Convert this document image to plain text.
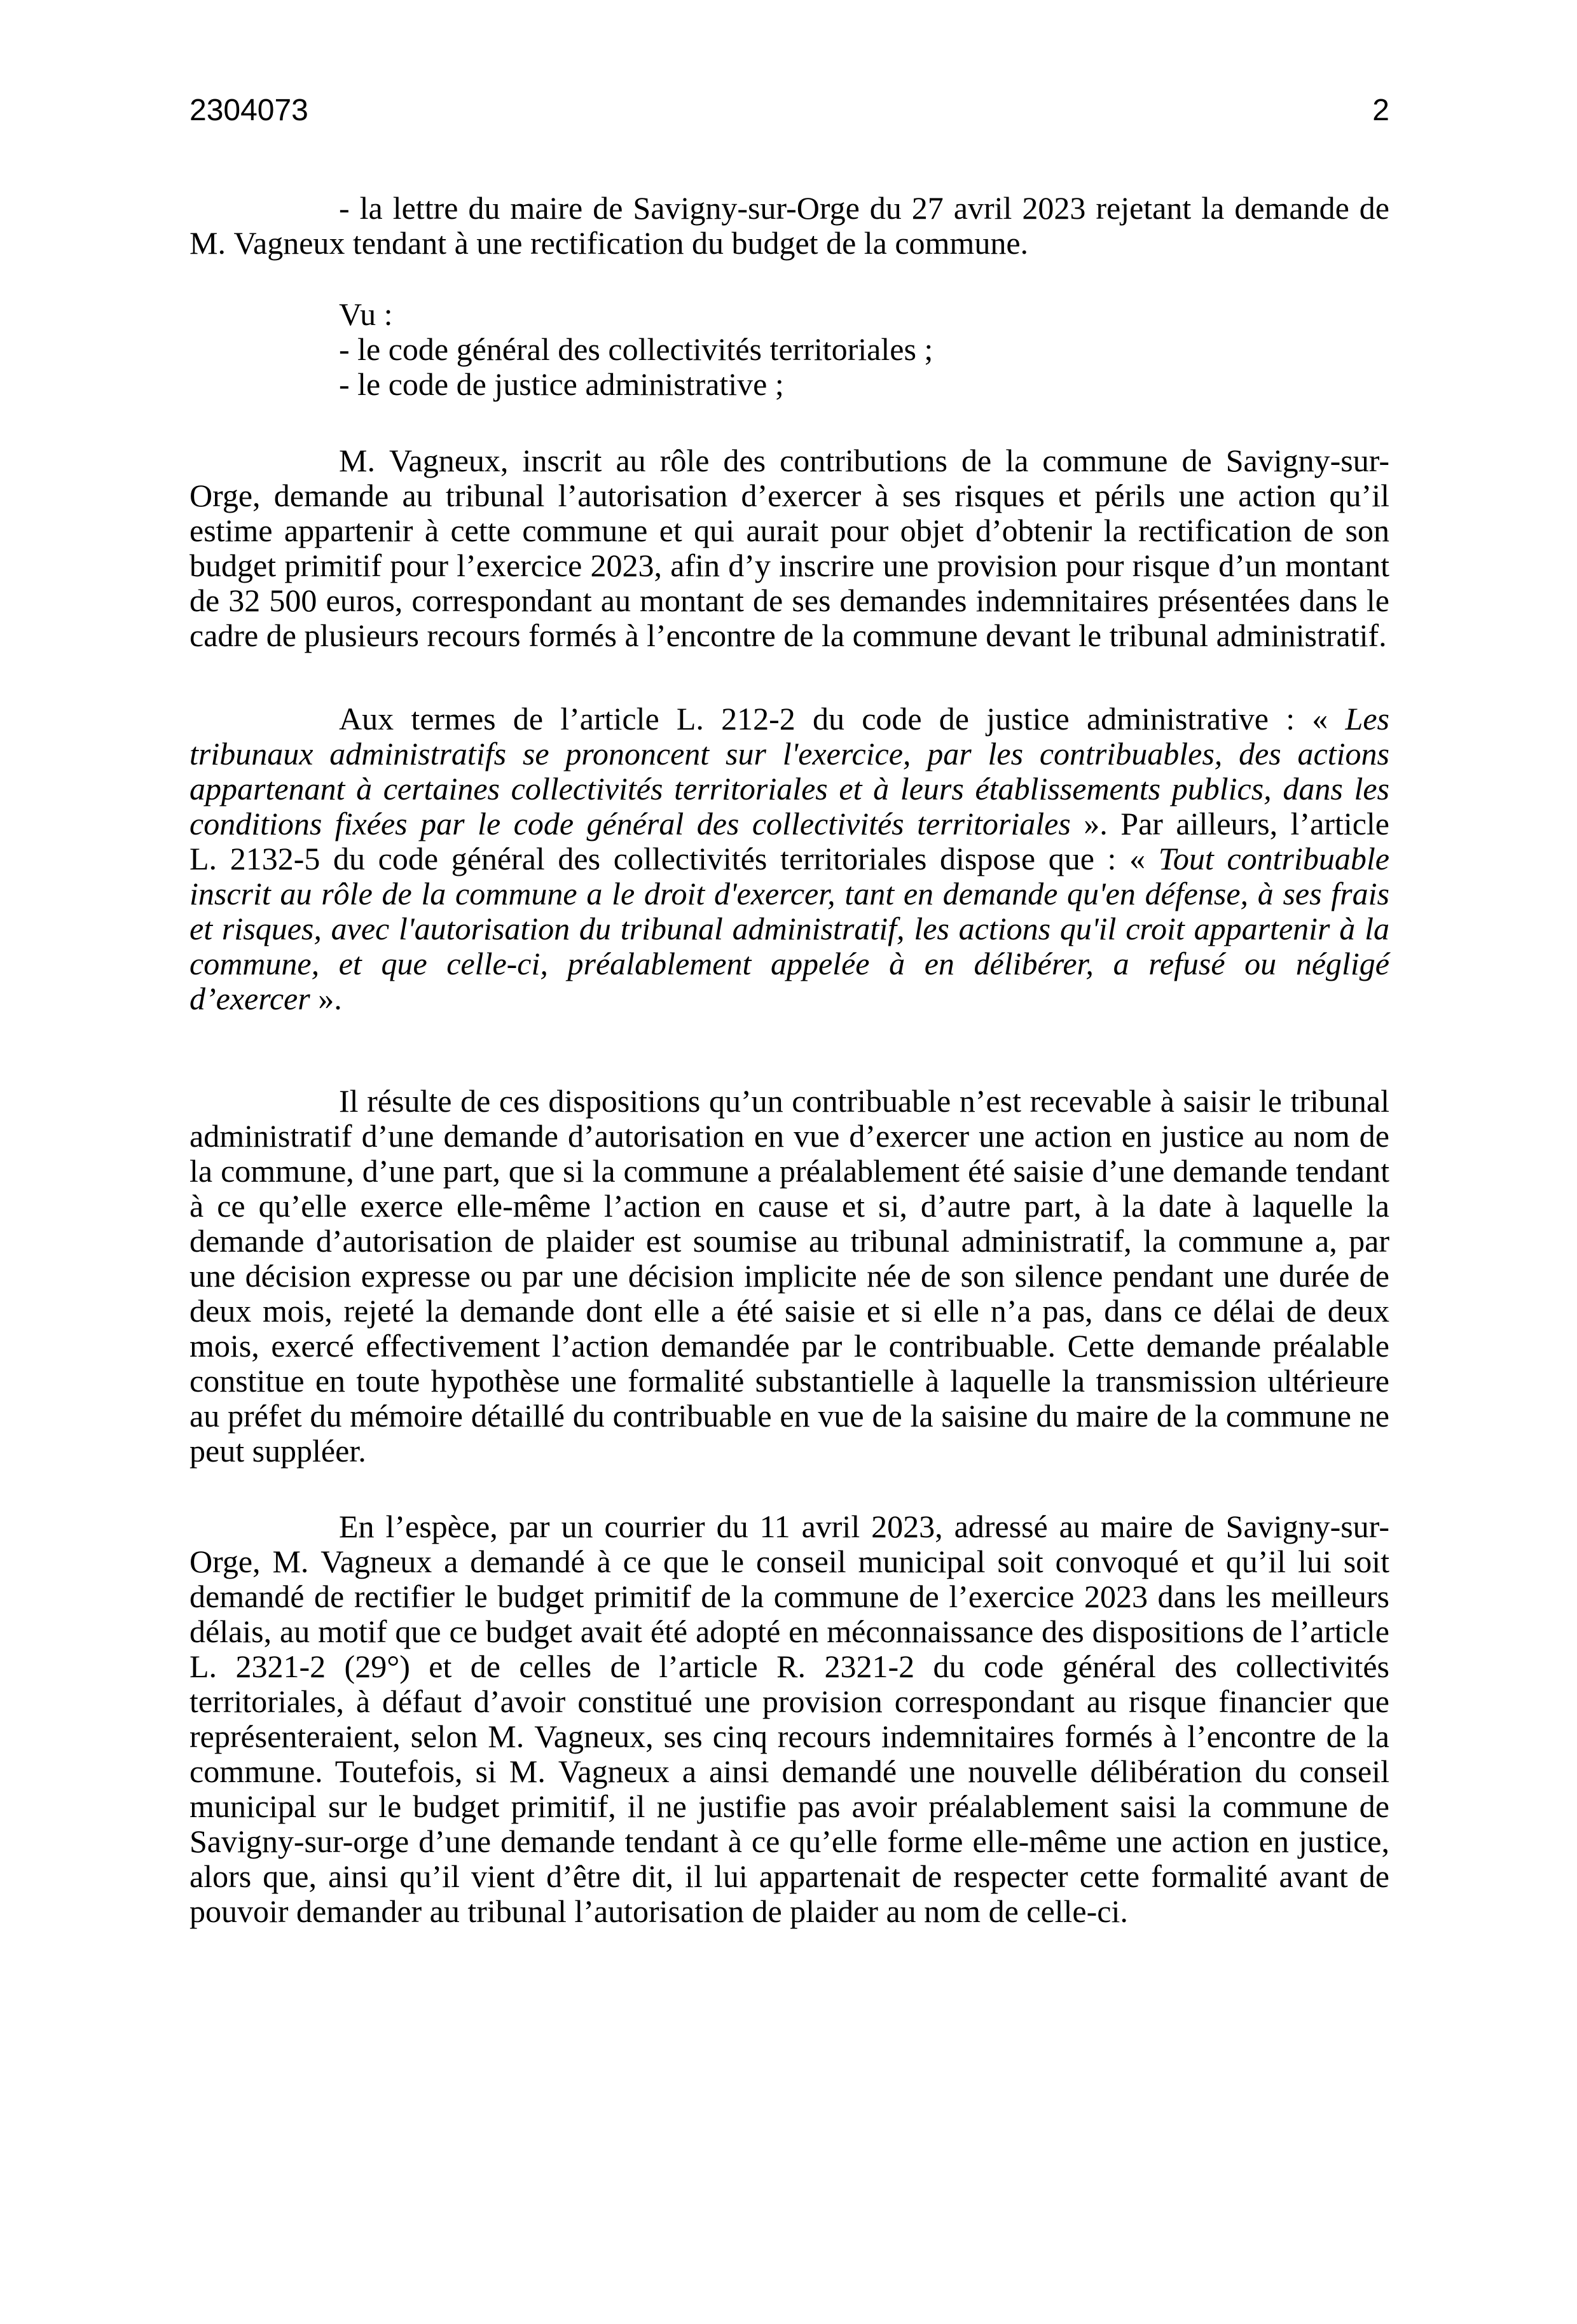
2304073	2

- la lettre du maire de Savigny-sur-Orge du 27 avril 2023 rejetant la demande de M. Vagneux tendant à une rectification du budget de la commune.

Vu :
- le code général des collectivités territoriales ;
- le code de justice administrative ;

M. Vagneux, inscrit au rôle des contributions de la commune de Savigny-sur-Orge, demande au tribunal l’autorisation d’exercer à ses risques et périls une action qu’il estime appartenir à cette commune et qui aurait pour objet d’obtenir la rectification de son budget primitif pour l’exercice 2023, afin d’y inscrire une provision pour risque d’un montant de 32 500 euros, correspondant au montant de ses demandes indemnitaires présentées dans le cadre de plusieurs recours formés à l’encontre de la commune devant le tribunal administratif.

Aux termes de l’article L. 212-2 du code de justice administrative : « Les tribunaux administratifs se prononcent sur l'exercice, par les contribuables, des actions appartenant à certaines collectivités territoriales et à leurs établissements publics, dans les conditions fixées par le code général des collectivités territoriales ». Par ailleurs, l’article L. 2132-5 du code général des collectivités territoriales dispose que : « Tout contribuable inscrit au rôle de la commune a le droit d'exercer, tant en demande qu'en défense, à ses frais et risques, avec l'autorisation du tribunal administratif, les actions qu'il croit appartenir à la commune, et que celle-ci, préalablement appelée à en délibérer, a refusé ou négligé d’exercer ».

Il résulte de ces dispositions qu’un contribuable n’est recevable à saisir le tribunal administratif d’une demande d’autorisation en vue d’exercer une action en justice au nom de la commune, d’une part, que si la commune a préalablement été saisie d’une demande tendant à ce qu’elle exerce elle-même l’action en cause et si, d’autre part, à la date à laquelle la demande d’autorisation de plaider est soumise au tribunal administratif, la commune a, par une décision expresse ou par une décision implicite née de son silence pendant une durée de deux mois, rejeté la demande dont elle a été saisie et si elle n’a pas, dans ce délai de deux mois, exercé effectivement l’action demandée par le contribuable. Cette demande préalable constitue en toute hypothèse une formalité substantielle à laquelle la transmission ultérieure au préfet du mémoire détaillé du contribuable en vue de la saisine du maire de la commune ne peut suppléer.

En l’espèce, par un courrier du 11 avril 2023, adressé au maire de Savigny-sur-Orge, M. Vagneux a demandé à ce que le conseil municipal soit convoqué et qu’il lui soit demandé de rectifier le budget primitif de la commune de l’exercice 2023 dans les meilleurs délais, au motif que ce budget avait été adopté en méconnaissance des dispositions de l’article L. 2321-2 (29°) et de celles de l’article R. 2321-2 du code général des collectivités territoriales, à défaut d’avoir constitué une provision correspondant au risque financier que représenteraient, selon M. Vagneux, ses cinq recours indemnitaires formés à l’encontre de la commune. Toutefois, si M. Vagneux a ainsi demandé une nouvelle délibération du conseil municipal sur le budget primitif, il ne justifie pas avoir préalablement saisi la commune de Savigny-sur-orge d’une demande tendant à ce qu’elle forme elle-même une action en justice, alors que, ainsi qu’il vient d’être dit, il lui appartenait de respecter cette formalité avant de pouvoir demander au tribunal l’autorisation de plaider au nom de celle-ci.
